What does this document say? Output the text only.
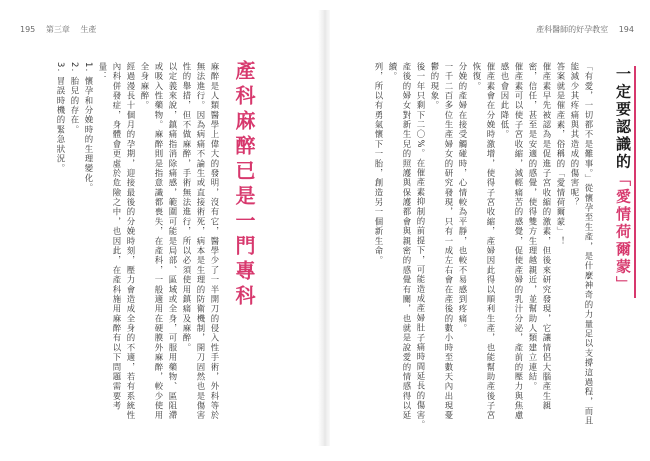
195 第三章 生產
產科麻醉已是一門專科

麻醉是人類醫學上偉大的發明，沒有它，醫學少了一半開刀的侵入性手術，外科等於無法進行。因為病痛不論生或直接術死，病本是生理的防衛機制，開刀固然也是傷害性的舉措，但不做麻醉，手術無法進行，所以必須使用鎮痛及麻醉。

以定義來說，鎮痛指消除痛感，範圍可能是局部、區域或全身，可服用藥物、區阻滯或吸入性藥物。麻醉則是指意識都喪失，在產科，一般適用在硬膜外麻醉，較少使用全身麻醉。

經過漫長十個月的孕期，迎接最後的分娩時刻，壓力會造成全身的不適，若有系統性內科併發症，身體會更虛於危險之中，也因此，在產科施用麻醉有以下問題需要考量：

1. 懷孕和分娩時的生理變化。

2. 胎兒的存在。

3. 冒誤時機的緊急狀況。

產科醫師的好孕教室 194
一定要認識的「愛情荷爾蒙」

「有愛，一切都不是難事。」從懷孕至生產，是什麼神奇的力量足以支撐這過程，而且能減少其疼痛與其造成的傷害呢？

答案就是催產素，俗稱的「愛情荷爾蒙」！

催產素早先被認為是促進子宮收縮的激素，但後來研究發現，它讓情侶大腦產生親密，信任，甚至是安適的感覺，使得雙方生理越親近，並幫助人類建立連結。

催產素可以使子宮收縮，減輕痛苦的感覺，促使產婦的乳汁分泌，產前的壓力與焦慮感也會因此降低。

催產素會在分娩時激增，使得子宮收縮，產婦因此得以順利生產，也能幫助產後子宮恢復。

分娩的產婦在接受觸碰時，心情較為平靜，也較不易感到疼痛。

一千二百多位生產婦女的研究發現，只有一成左右會在產後的數小時至數天內出現憂鬱的現象。

後一年只剩下二〇%。在催產素抑制的前提下，可能造成產婦肚子痛時間延長的傷害。

產後的婦女對新生兒的照護與保護都會與親密的感覺有關，也就是說愛的情感得以延續。

列，所以有勇氣懷下一胎，創造另一個新生命。
